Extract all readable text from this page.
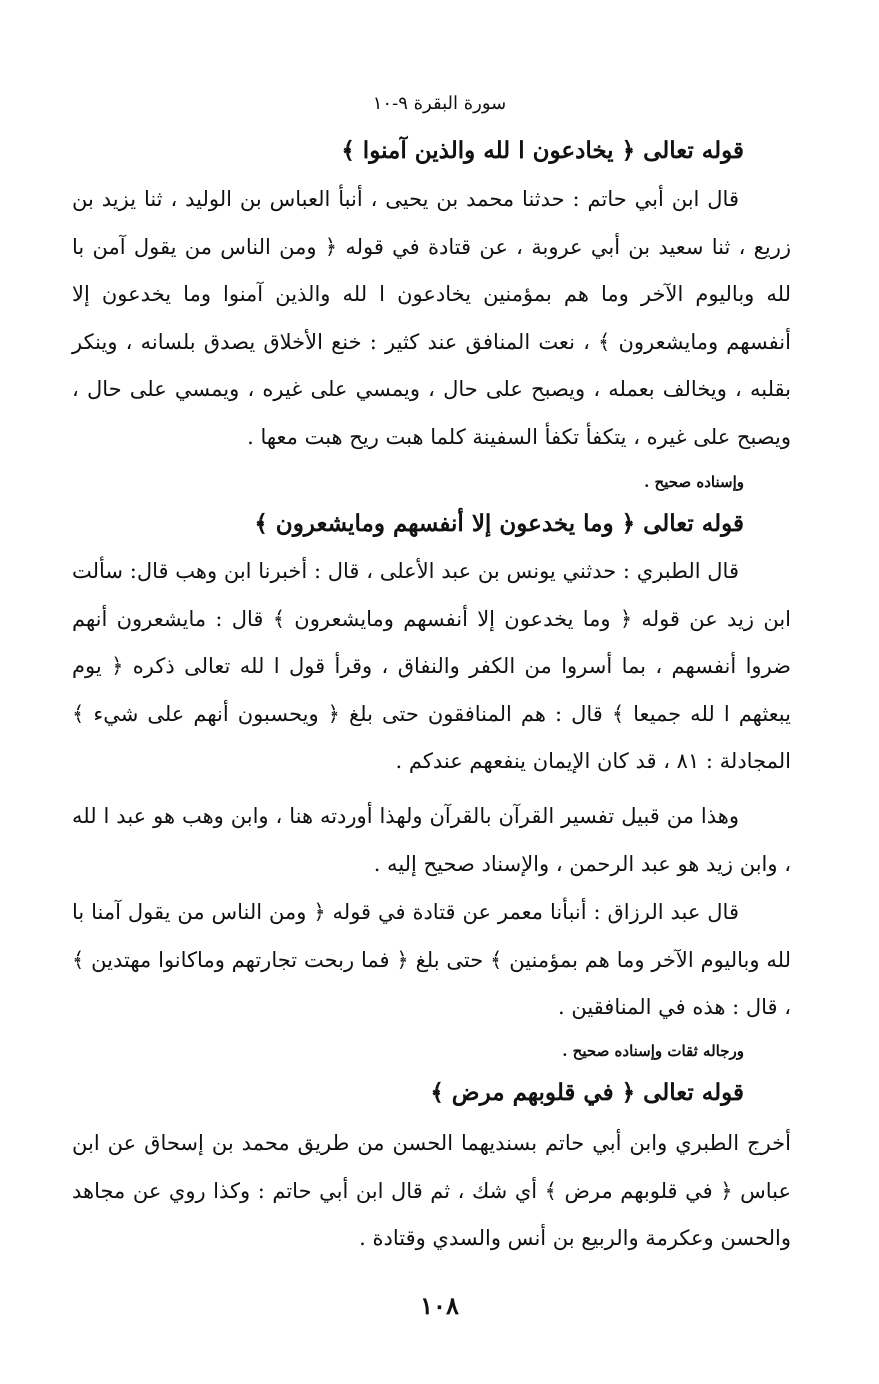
سورة البقرة ٩-١٠
قوله تعالى ﴿ يخادعون ا لله والذين آمنوا ﴾
قال ابن أبي حاتم : حدثنا محمد بن يحيى ، أنبأ العباس بن الوليد ، ثنا يزيد بن زريع ، ثنا سعيد بن أبي عروبة ، عن قتادة في قوله ﴿ ومن الناس من يقول آمن با لله وباليوم الآخر وما هم بمؤمنين يخادعون ا لله والذين آمنوا وما يخدعون إلا أنفسهم ومايشعرون ﴾ ، نعت المنافق عند كثير : خنع الأخلاق يصدق بلسانه ، وينكر بقلبه ، ويخالف بعمله ، ويصبح على حال ، ويمسي على غيره ، ويمسي على حال ، ويصبح على غيره ، يتكفأ تكفأ السفينة كلما هبت ريح هبت معها .
وإسناده صحيح .
قوله تعالى ﴿ وما يخدعون إلا أنفسهم ومايشعرون ﴾
قال الطبري : حدثني يونس بن عبد الأعلى ، قال : أخبرنا ابن وهب قال: سألت ابن زيد عن قوله ﴿ وما يخدعون إلا أنفسهم ومايشعرون ﴾ قال : مايشعرون أنهم ضروا أنفسهم ، بما أسروا من الكفر والنفاق ، وقرأ قول ا لله تعالى ذكره ﴿ يوم يبعثهم ا لله جميعا ﴾ قال : هم المنافقون حتى بلغ ﴿ ويحسبون أنهم على شيء ﴾ المجادلة : ٨١ ، قد كان الإيمان ينفعهم عندكم .
وهذا من قبيل تفسير القرآن بالقرآن ولهذا أوردته هنا ، وابن وهب هو عبد ا لله ، وابن زيد هو عبد الرحمن ، والإسناد صحيح إليه .
قال عبد الرزاق : أنبأنا معمر عن قتادة في قوله ﴿ ومن الناس من يقول آمنا با لله وباليوم الآخر وما هم بمؤمنين ﴾ حتى بلغ ﴿ فما ربحت تجارتهم وماكانوا مهتدين ﴾ ، قال : هذه في المنافقين .
ورجاله ثقات وإسناده صحيح .
قوله تعالى ﴿ في قلوبهم مرض ﴾
أخرج الطبري وابن أبي حاتم بسنديهما الحسن من طريق محمد بن إسحاق عن ابن عباس ﴿ في قلوبهم مرض ﴾ أي شك ، ثم قال ابن أبي حاتم : وكذا روي عن مجاهد والحسن وعكرمة والربيع بن أنس والسدي وقتادة .
١٠٨
